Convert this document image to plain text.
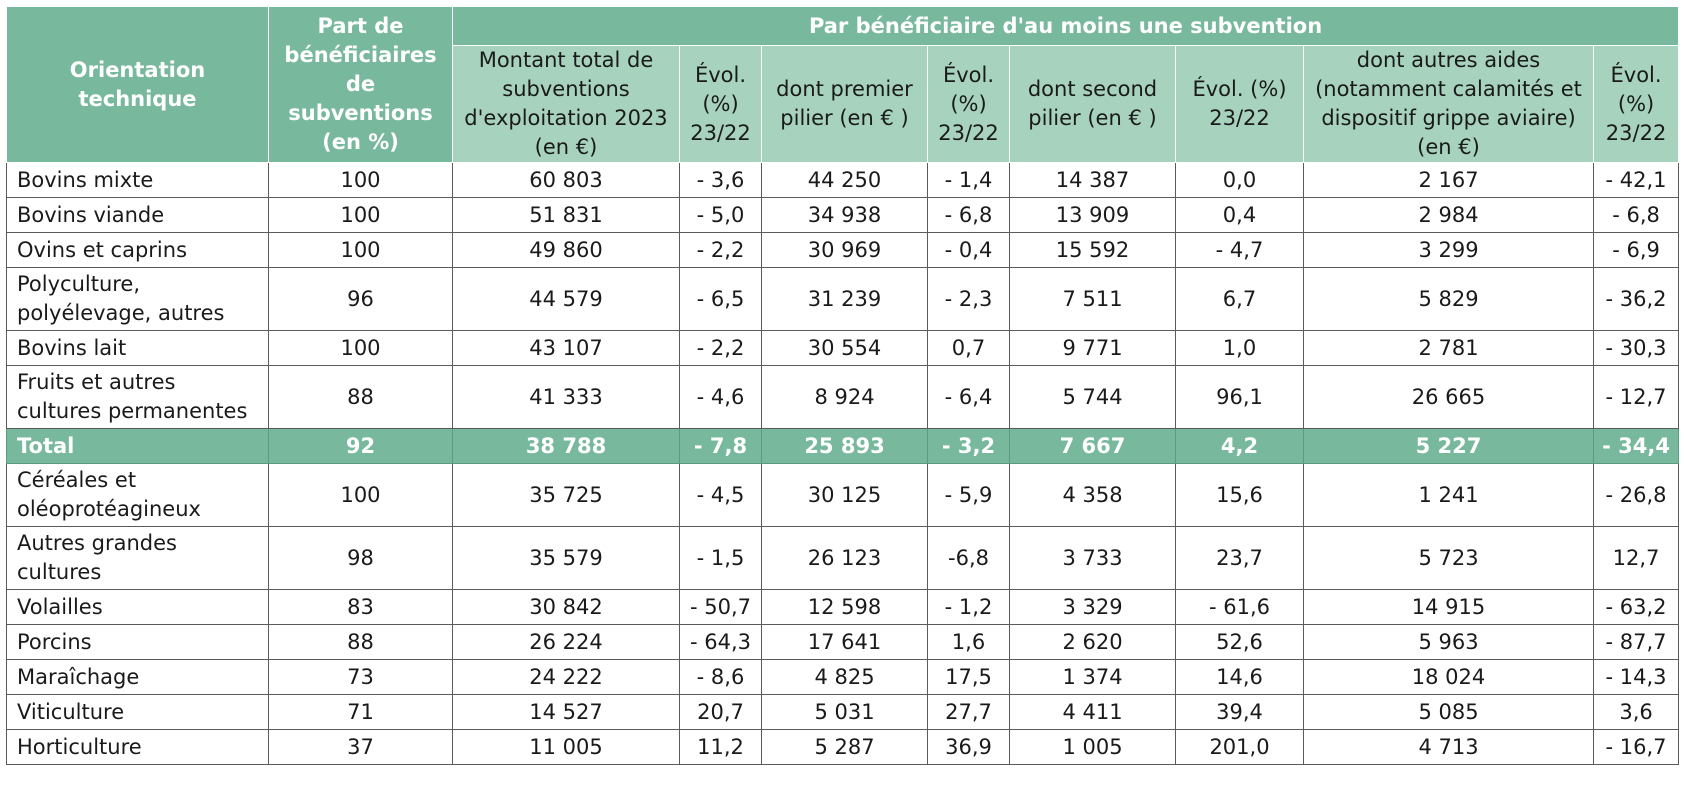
Orientation technique	Part de bénéficiaires de subventions (en %)	Par bénéficiaire d'au moins une subvention							
		Montant total de subventions d'exploitation 2023 (en €)	Évol. (%) 23/22	dont premier pilier (en € )	Évol. (%) 23/22	dont second pilier (en € )	Évol. (%) 23/22	dont autres aides (notamment calamités et dispositif grippe aviaire) (en €)	Évol. (%) 23/22
Bovins mixte	100	60 803	- 3,6	44 250	- 1,4	14 387	0,0	2 167	- 42,1
Bovins viande	100	51 831	- 5,0	34 938	- 6,8	13 909	0,4	2 984	- 6,8
Ovins et caprins	100	49 860	- 2,2	30 969	- 0,4	15 592	- 4,7	3 299	- 6,9
Polyculture, polyélevage, autres	96	44 579	- 6,5	31 239	- 2,3	7 511	6,7	5 829	- 36,2
Bovins lait	100	43 107	- 2,2	30 554	0,7	9 771	1,0	2 781	- 30,3
Fruits et autres cultures permanentes	88	41 333	- 4,6	8 924	- 6,4	5 744	96,1	26 665	- 12,7
Total	92	38 788	- 7,8	25 893	- 3,2	7 667	4,2	5 227	- 34,4
Céréales et oléoprotéagineux	100	35 725	- 4,5	30 125	- 5,9	4 358	15,6	1 241	- 26,8
Autres grandes cultures	98	35 579	- 1,5	26 123	-6,8	3 733	23,7	5 723	12,7
Volailles	83	30 842	- 50,7	12 598	- 1,2	3 329	- 61,6	14 915	- 63,2
Porcins	88	26 224	- 64,3	17 641	1,6	2 620	52,6	5 963	- 87,7
Maraîchage	73	24 222	- 8,6	4 825	17,5	1 374	14,6	18 024	- 14,3
Viticulture	71	14 527	20,7	5 031	27,7	4 411	39,4	5 085	3,6
Horticulture	37	11 005	11,2	5 287	36,9	1 005	201,0	4 713	- 16,7
